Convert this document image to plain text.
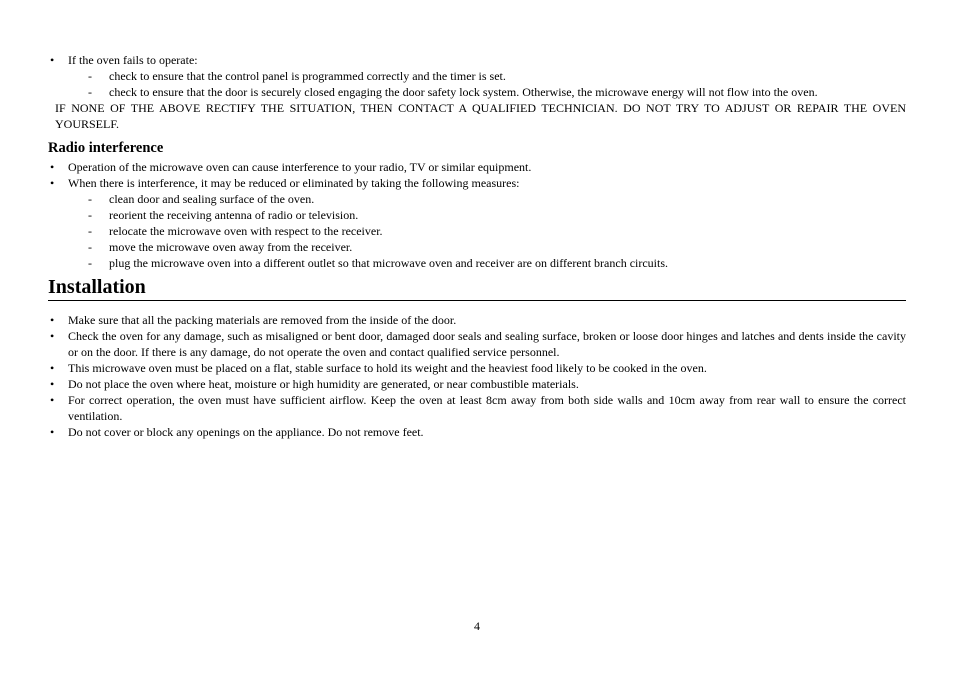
• If the oven fails to operate:
- check to ensure that the control panel is programmed correctly and the timer is set.
- check to ensure that the door is securely closed engaging the door safety lock system. Otherwise, the microwave energy will not flow into the oven.
IF NONE OF THE ABOVE RECTIFY THE SITUATION, THEN CONTACT A QUALIFIED TECHNICIAN. DO NOT TRY TO ADJUST OR REPAIR THE OVEN YOURSELF.
Radio interference
• Operation of the microwave oven can cause interference to your radio, TV or similar equipment.
• When there is interference, it may be reduced or eliminated by taking the following measures:
- clean door and sealing surface of the oven.
- reorient the receiving antenna of radio or television.
- relocate the microwave oven with respect to the receiver.
- move the microwave oven away from the receiver.
- plug the microwave oven into a different outlet so that microwave oven and receiver are on different branch circuits.
Installation
• Make sure that all the packing materials are removed from the inside of the door.
• Check the oven for any damage, such as misaligned or bent door, damaged door seals and sealing surface, broken or loose door hinges and latches and dents inside the cavity or on the door. If there is any damage, do not operate the oven and contact qualified service personnel.
• This microwave oven must be placed on a flat, stable surface to hold its weight and the heaviest food likely to be cooked in the oven.
• Do not place the oven where heat, moisture or high humidity are generated, or near combustible materials.
• For correct operation, the oven must have sufficient airflow. Keep the oven at least 8cm away from both side walls and 10cm away from rear wall to ensure the correct ventilation.
• Do not cover or block any openings on the appliance. Do not remove feet.
4
